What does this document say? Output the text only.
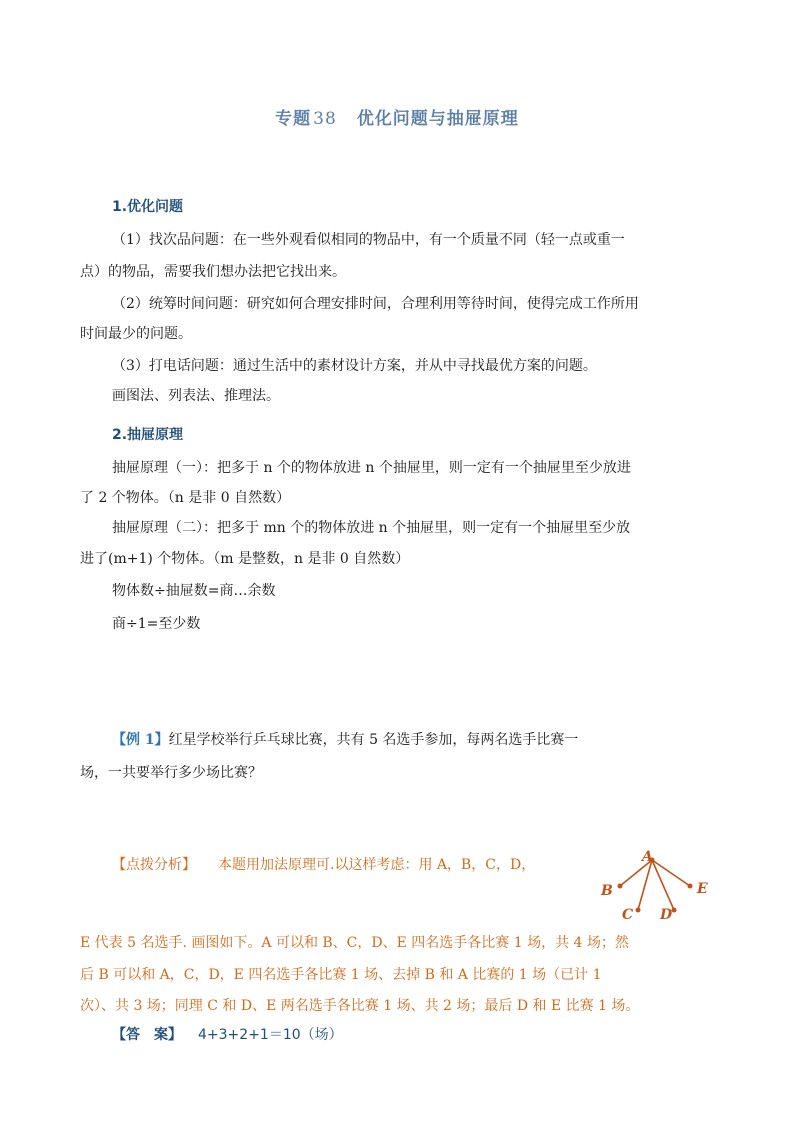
专题 38 优化问题与抽屉原理
1.优化问题
（1）找次品问题：在一些外观看似相同的物品中，有一个质量不同（轻一点或重一
点）的物品，需要我们想办法把它找出来。
（2）统筹时间问题：研究如何合理安排时间，合理利用等待时间，使得完成工作所用
时间最少的问题。
（3）打电话问题：通过生活中的素材设计方案，并从中寻找最优方案的问题。
画图法、列表法、推理法。
2.抽屉原理
抽屉原理（一）：把多于 n 个的物体放进 n 个抽屉里，则一定有一个抽屉里至少放进
了 2 个物体。（n 是非 0 自然数）
抽屉原理（二）：把多于 mn 个的物体放进 n 个抽屉里，则一定有一个抽屉里至少放
进了(m+1) 个物体。（m 是整数，n 是非 0 自然数）
物体数÷抽屉数=商…余数
商÷1=至少数
【例 1】红星学校举行乒乓球比赛，共有 5 名选手参加，每两名选手比赛一
场，一共要举行多少场比赛？
【点拨分析】 本题用加法原理可.以这样考虑：用 A，B，C，D，
E 代表 5 名选手. 画图如下。A 可以和 B、C，D、E 四名选手各比赛 1 场，共 4 场；然
后 B 可以和 A，C，D，E 四名选手各比赛 1 场、去掉 B 和 A 比赛的 1 场（已计 1
次）、共 3 场；同理 C 和 D、E 两名选手各比赛 1 场、共 2 场；最后 D 和 E 比赛 1 场。
【答　案】 4+3+2+1＝10（场）
A
B
C D
E
